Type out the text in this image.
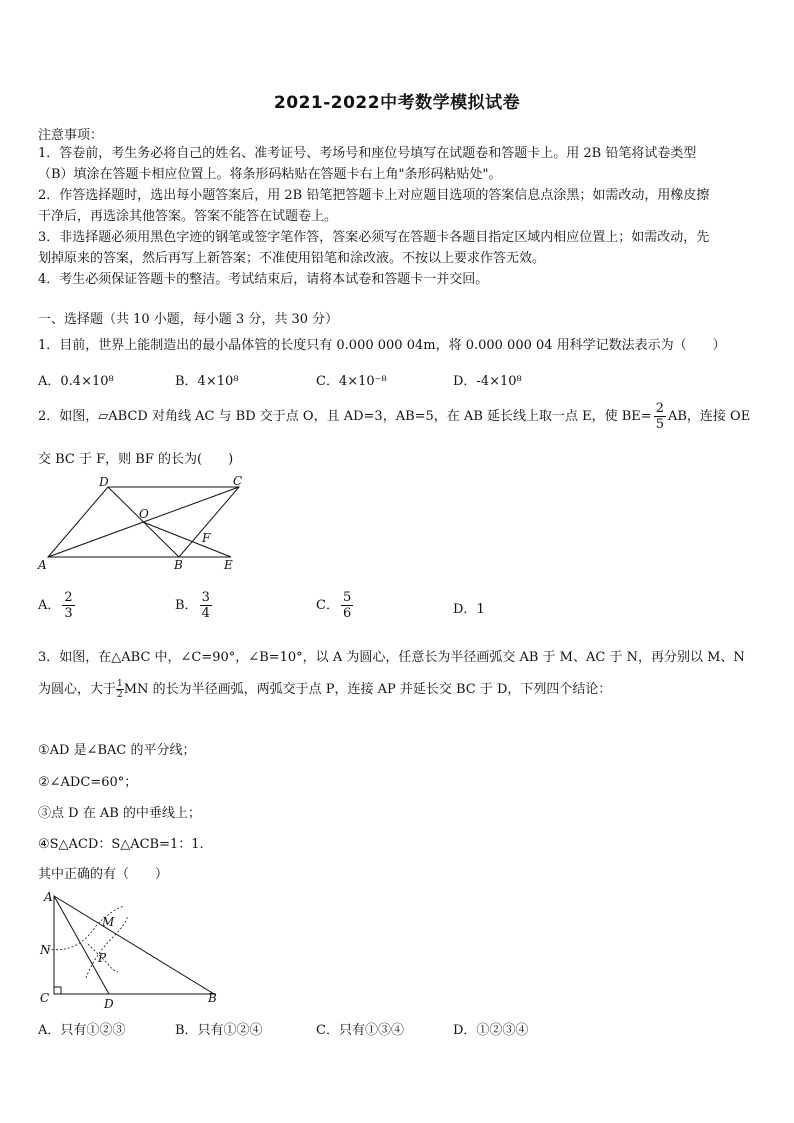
2021-2022中考数学模拟试卷
注意事项：
1．答卷前，考生务必将自己的姓名、准考证号、考场号和座位号填写在试题卷和答题卡上。用 2B 铅笔将试卷类型
（B）填涂在答题卡相应位置上。将条形码粘贴在答题卡右上角"条形码粘贴处"。
2．作答选择题时，选出每小题答案后，用 2B 铅笔把答题卡上对应题目选项的答案信息点涂黑；如需改动，用橡皮擦
干净后，再选涂其他答案。答案不能答在试题卷上。
3．非选择题必须用黑色字迹的钢笔或签字笔作答，答案必须写在答题卡各题目指定区域内相应位置上；如需改动，先
划掉原来的答案，然后再写上新答案；不准使用铅笔和涂改液。不按以上要求作答无效。
4．考生必须保证答题卡的整洁。考试结束后，请将本试卷和答题卡一并交回。
一、选择题（共 10 小题，每小题 3 分，共 30 分）
1．目前，世界上能制造出的最小晶体管的长度只有 0.000 000 04m，将 0.000 000 04 用科学记数法表示为（　　）
A．0.4×10⁸	B．4×10⁸	C．4×10⁻⁸	D．-4×10⁸
2．如图，▱ABCD 对角线 AC 与 BD 交于点 O，且 AD=3，AB=5，在 AB 延长线上取一点 E，使 $BE= \frac{2}{5}$ AB，连接 OE
交 BC 于 F，则 BF 的长为(　　)
D	C
O
F
A	B	E
A． $\frac{2}{3}$	B． $\frac{3}{4}$	C． $\frac{5}{6}$	D．1
3．如图，在△ABC 中，∠C=90°，∠B=10°，以 A 为圆心，任意长为半径画弧交 AB 于 M、AC 于 N，再分别以 M、N
为圆心，大于 $\frac{1}{2}$ MN 的长为半径画弧，两弧交于点 P，连接 AP 并延长交 BC 于 D，下列四个结论：
①AD 是∠BAC 的平分线；
②∠ADC=60°；
③点 D 在 AB 的中垂线上；
④S△ACD：S△ACB=1：1.
其中正确的有（　　）
A
M
N
P
C	D	B
A．只有①②③	B．只有①②④	C．只有①③④	D．①②③④
